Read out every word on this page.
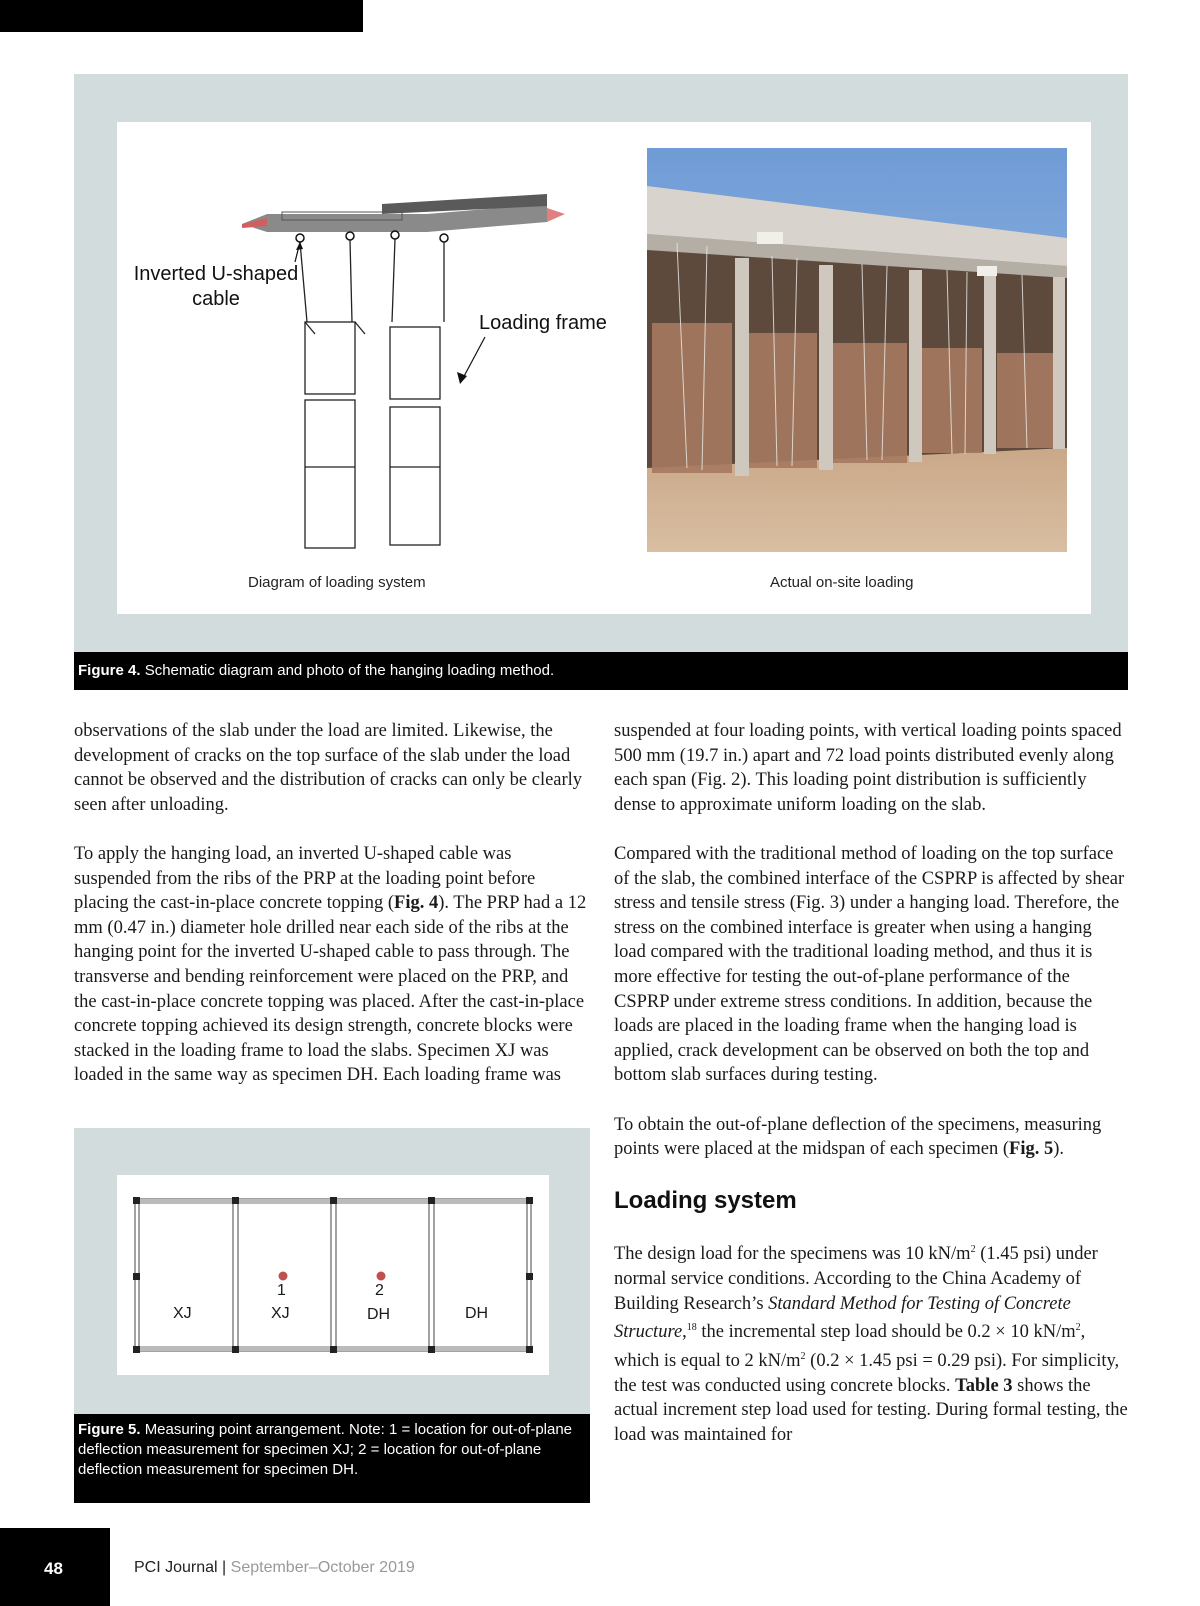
Inverted U-shaped
cable
Loading frame
Diagram of loading system	Actual on-site loading
Figure 4. Schematic diagram and photo of the hanging loading method.

observations of the slab under the load are limited. Likewise, the development of cracks on the top surface of the slab under the load cannot be observed and the distribution of cracks can only be clearly seen after unloading.

To apply the hanging load, an inverted U-shaped cable was suspended from the ribs of the PRP at the loading point before placing the cast-in-place concrete topping (Fig. 4). The PRP had a 12 mm (0.47 in.) diameter hole drilled near each side of the ribs at the hanging point for the inverted U-shaped cable to pass through. The transverse and bending reinforcement were placed on the PRP, and the cast-in-place concrete topping was placed. After the cast-in-place concrete topping achieved its design strength, concrete blocks were stacked in the loading frame to load the slabs. Specimen XJ was loaded in the same way as specimen DH. Each loading frame was

1	2
XJ	XJ	DH	DH
Figure 5. Measuring point arrangement. Note: 1 = location for out-of-plane deflection measurement for specimen XJ; 2 = location for out-of-plane deflection measurement for specimen DH.

suspended at four loading points, with vertical loading points spaced 500 mm (19.7 in.) apart and 72 load points distributed evenly along each span (Fig. 2). This loading point distribution is sufficiently dense to approximate uniform loading on the slab.

Compared with the traditional method of loading on the top surface of the slab, the combined interface of the CSPRP is affected by shear stress and tensile stress (Fig. 3) under a hanging load. Therefore, the stress on the combined interface is greater when using a hanging load compared with the traditional loading method, and thus it is more effective for testing the out-of-plane performance of the CSPRP under extreme stress conditions. In addition, because the loads are placed in the loading frame when the hanging load is applied, crack development can be observed on both the top and bottom slab surfaces during testing.

To obtain the out-of-plane deflection of the specimens, measuring points were placed at the midspan of each specimen (Fig. 5).

Loading system

The design load for the specimens was 10 $kN/m^2$ (1.45 psi) under normal service conditions. According to the China Academy of Building Research’s Standard Method for Testing of Concrete Structure,$^{18}$ the incremental step load should be 0.2 × 10 $kN/m^2$, which is equal to 2 $kN/m^2$ (0.2 × 1.45 psi = 0.29 psi). For simplicity, the test was conducted using concrete blocks. Table 3 shows the actual increment step load used for testing. During formal testing, the load was maintained for

48	PCI Journal | September–October 2019
